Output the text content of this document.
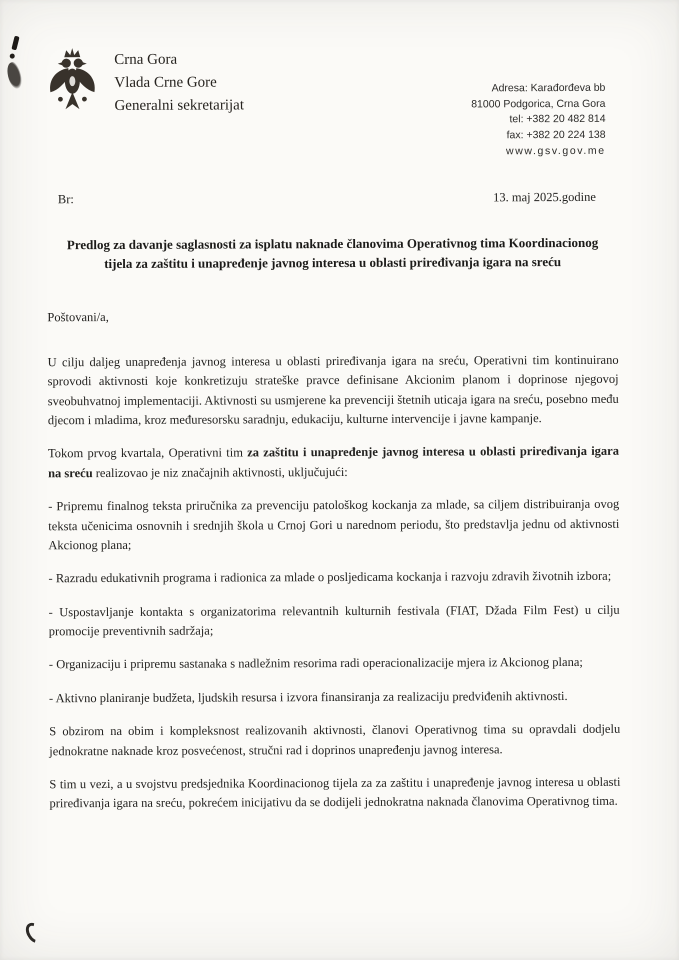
Crna Gora
Vlada Crne Gore
Generalni sekretarijat
Adresa: Karađorđeva bb
81000 Podgorica, Crna Gora
tel: +382 20 482 814
fax: +382 20 224 138
www.gsv.gov.me
Br:	13. maj 2025.godine
Predlog za davanje saglasnosti za isplatu naknade članovima Operativnog tima Koordinacionog tijela za zaštitu i unapređenje javnog interesa u oblasti priređivanja igara na sreću

Poštovani/a,

U cilju daljeg unapređenja javnog interesa u oblasti priređivanja igara na sreću, Operativni tim kontinuirano sprovodi aktivnosti koje konkretizuju strateške pravce definisane Akcionim planom i doprinose njegovoj sveobuhvatnoj implementaciji. Aktivnosti su usmjerene ka prevenciji štetnih uticaja igara na sreću, posebno među djecom i mladima, kroz međuresorsku saradnju, edukaciju, kulturne intervencije i javne kampanje.

Tokom prvog kvartala, Operativni tim za zaštitu i unapređenje javnog interesa u oblasti priređivanja igara na sreću realizovao je niz značajnih aktivnosti, uključujući:

- Pripremu finalnog teksta priručnika za prevenciju patološkog kockanja za mlade, sa ciljem distribuiranja ovog teksta učenicima osnovnih i srednjih škola u Crnoj Gori u narednom periodu, što predstavlja jednu od aktivnosti Akcionog plana;

- Razradu edukativnih programa i radionica za mlade o posljedicama kockanja i razvoju zdravih životnih izbora;

- Uspostavljanje kontakta s organizatorima relevantnih kulturnih festivala (FIAT, Džada Film Fest) u cilju promocije preventivnih sadržaja;

- Organizaciju i pripremu sastanaka s nadležnim resorima radi operacionalizacije mjera iz Akcionog plana;

- Aktivno planiranje budžeta, ljudskih resursa i izvora finansiranja za realizaciju predviđenih aktivnosti.

S obzirom na obim i kompleksnost realizovanih aktivnosti, članovi Operativnog tima su opravdali dodjelu jednokratne naknade kroz posvećenost, stručni rad i doprinos unapređenju javnog interesa.

S tim u vezi, a u svojstvu predsjednika Koordinacionog tijela za za zaštitu i unapređenje javnog interesa u oblasti priređivanja igara na sreću, pokrećem inicijativu da se dodijeli jednokratna naknada članovima Operativnog tima.
